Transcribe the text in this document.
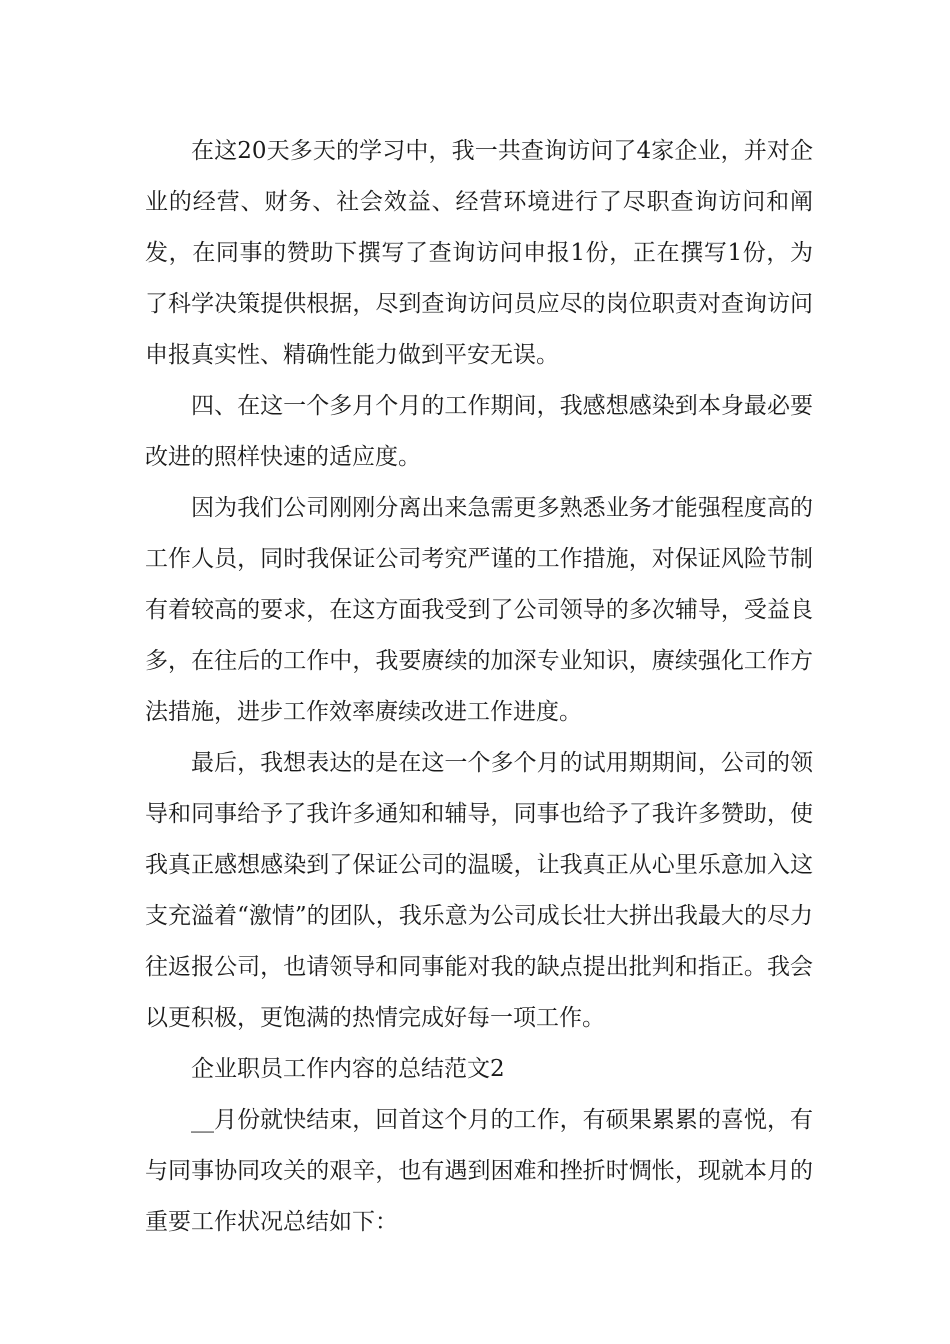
在这20天多天的学习中，我一共查询访问了4家企业，并对企业的经营、财务、社会效益、经营环境进行了尽职查询访问和阐发，在同事的赞助下撰写了查询访问申报1份，正在撰写1份，为了科学决策提供根据，尽到查询访问员应尽的岗位职责对查询访问申报真实性、精确性能力做到平安无误。

四、在这一个多月个月的工作期间，我感想感染到本身最必要改进的照样快速的适应度。

因为我们公司刚刚分离出来急需更多熟悉业务才能强程度高的工作人员，同时我保证公司考究严谨的工作措施，对保证风险节制有着较高的要求，在这方面我受到了公司领导的多次辅导，受益良多，在往后的工作中，我要赓续的加深专业知识，赓续强化工作方法措施，进步工作效率赓续改进工作进度。

最后，我想表达的是在这一个多个月的试用期期间，公司的领导和同事给予了我许多通知和辅导，同事也给予了我许多赞助，使我真正感想感染到了保证公司的温暖，让我真正从心里乐意加入这支充溢着“激情”的团队，我乐意为公司成长壮大拼出我最大的尽力往返报公司，也请领导和同事能对我的缺点提出批判和指正。我会以更积极，更饱满的热情完成好每一项工作。

企业职员工作内容的总结范文2

__月份就快结束，回首这个月的工作，有硕果累累的喜悦，有与同事协同攻关的艰辛，也有遇到困难和挫折时惆怅，现就本月的重要工作状况总结如下：
